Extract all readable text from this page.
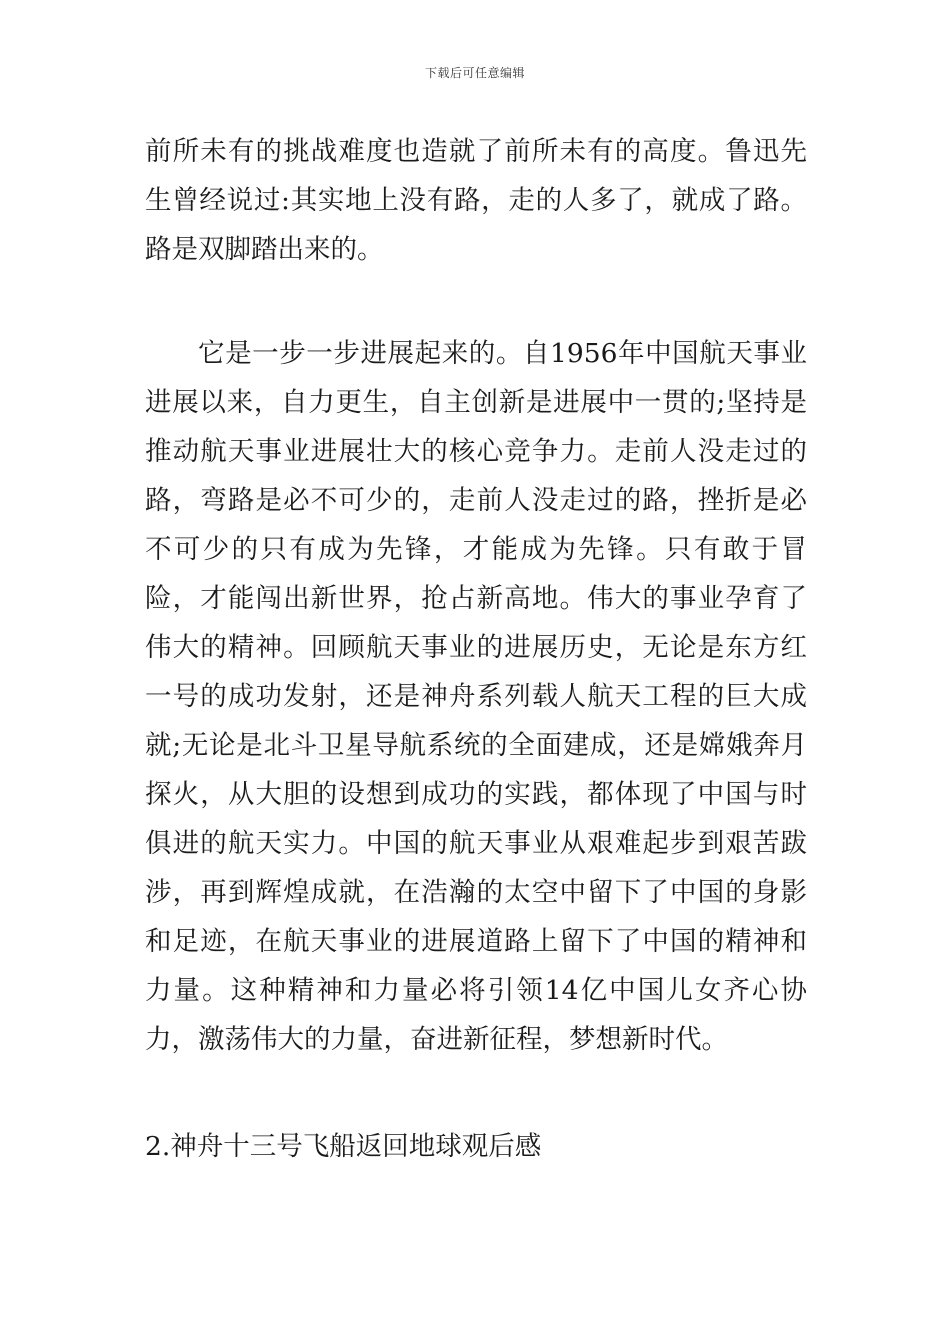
下载后可任意编辑

前所未有的挑战难度也造就了前所未有的高度。鲁迅先生曾经说过:其实地上没有路，走的人多了，就成了路。路是双脚踏出来的。

它是一步一步进展起来的。自1956年中国航天事业进展以来，自力更生，自主创新是进展中一贯的;坚持是推动航天事业进展壮大的核心竞争力。走前人没走过的路，弯路是必不可少的，走前人没走过的路，挫折是必不可少的只有成为先锋，才能成为先锋。只有敢于冒险，才能闯出新世界，抢占新高地。伟大的事业孕育了伟大的精神。回顾航天事业的进展历史，无论是东方红一号的成功发射，还是神舟系列载人航天工程的巨大成就;无论是北斗卫星导航系统的全面建成，还是嫦娥奔月探火，从大胆的设想到成功的实践，都体现了中国与时俱进的航天实力。中国的航天事业从艰难起步到艰苦跋涉，再到辉煌成就，在浩瀚的太空中留下了中国的身影和足迹，在航天事业的进展道路上留下了中国的精神和力量。这种精神和力量必将引领14亿中国儿女齐心协力，激荡伟大的力量，奋进新征程，梦想新时代。

2.神舟十三号飞船返回地球观后感
